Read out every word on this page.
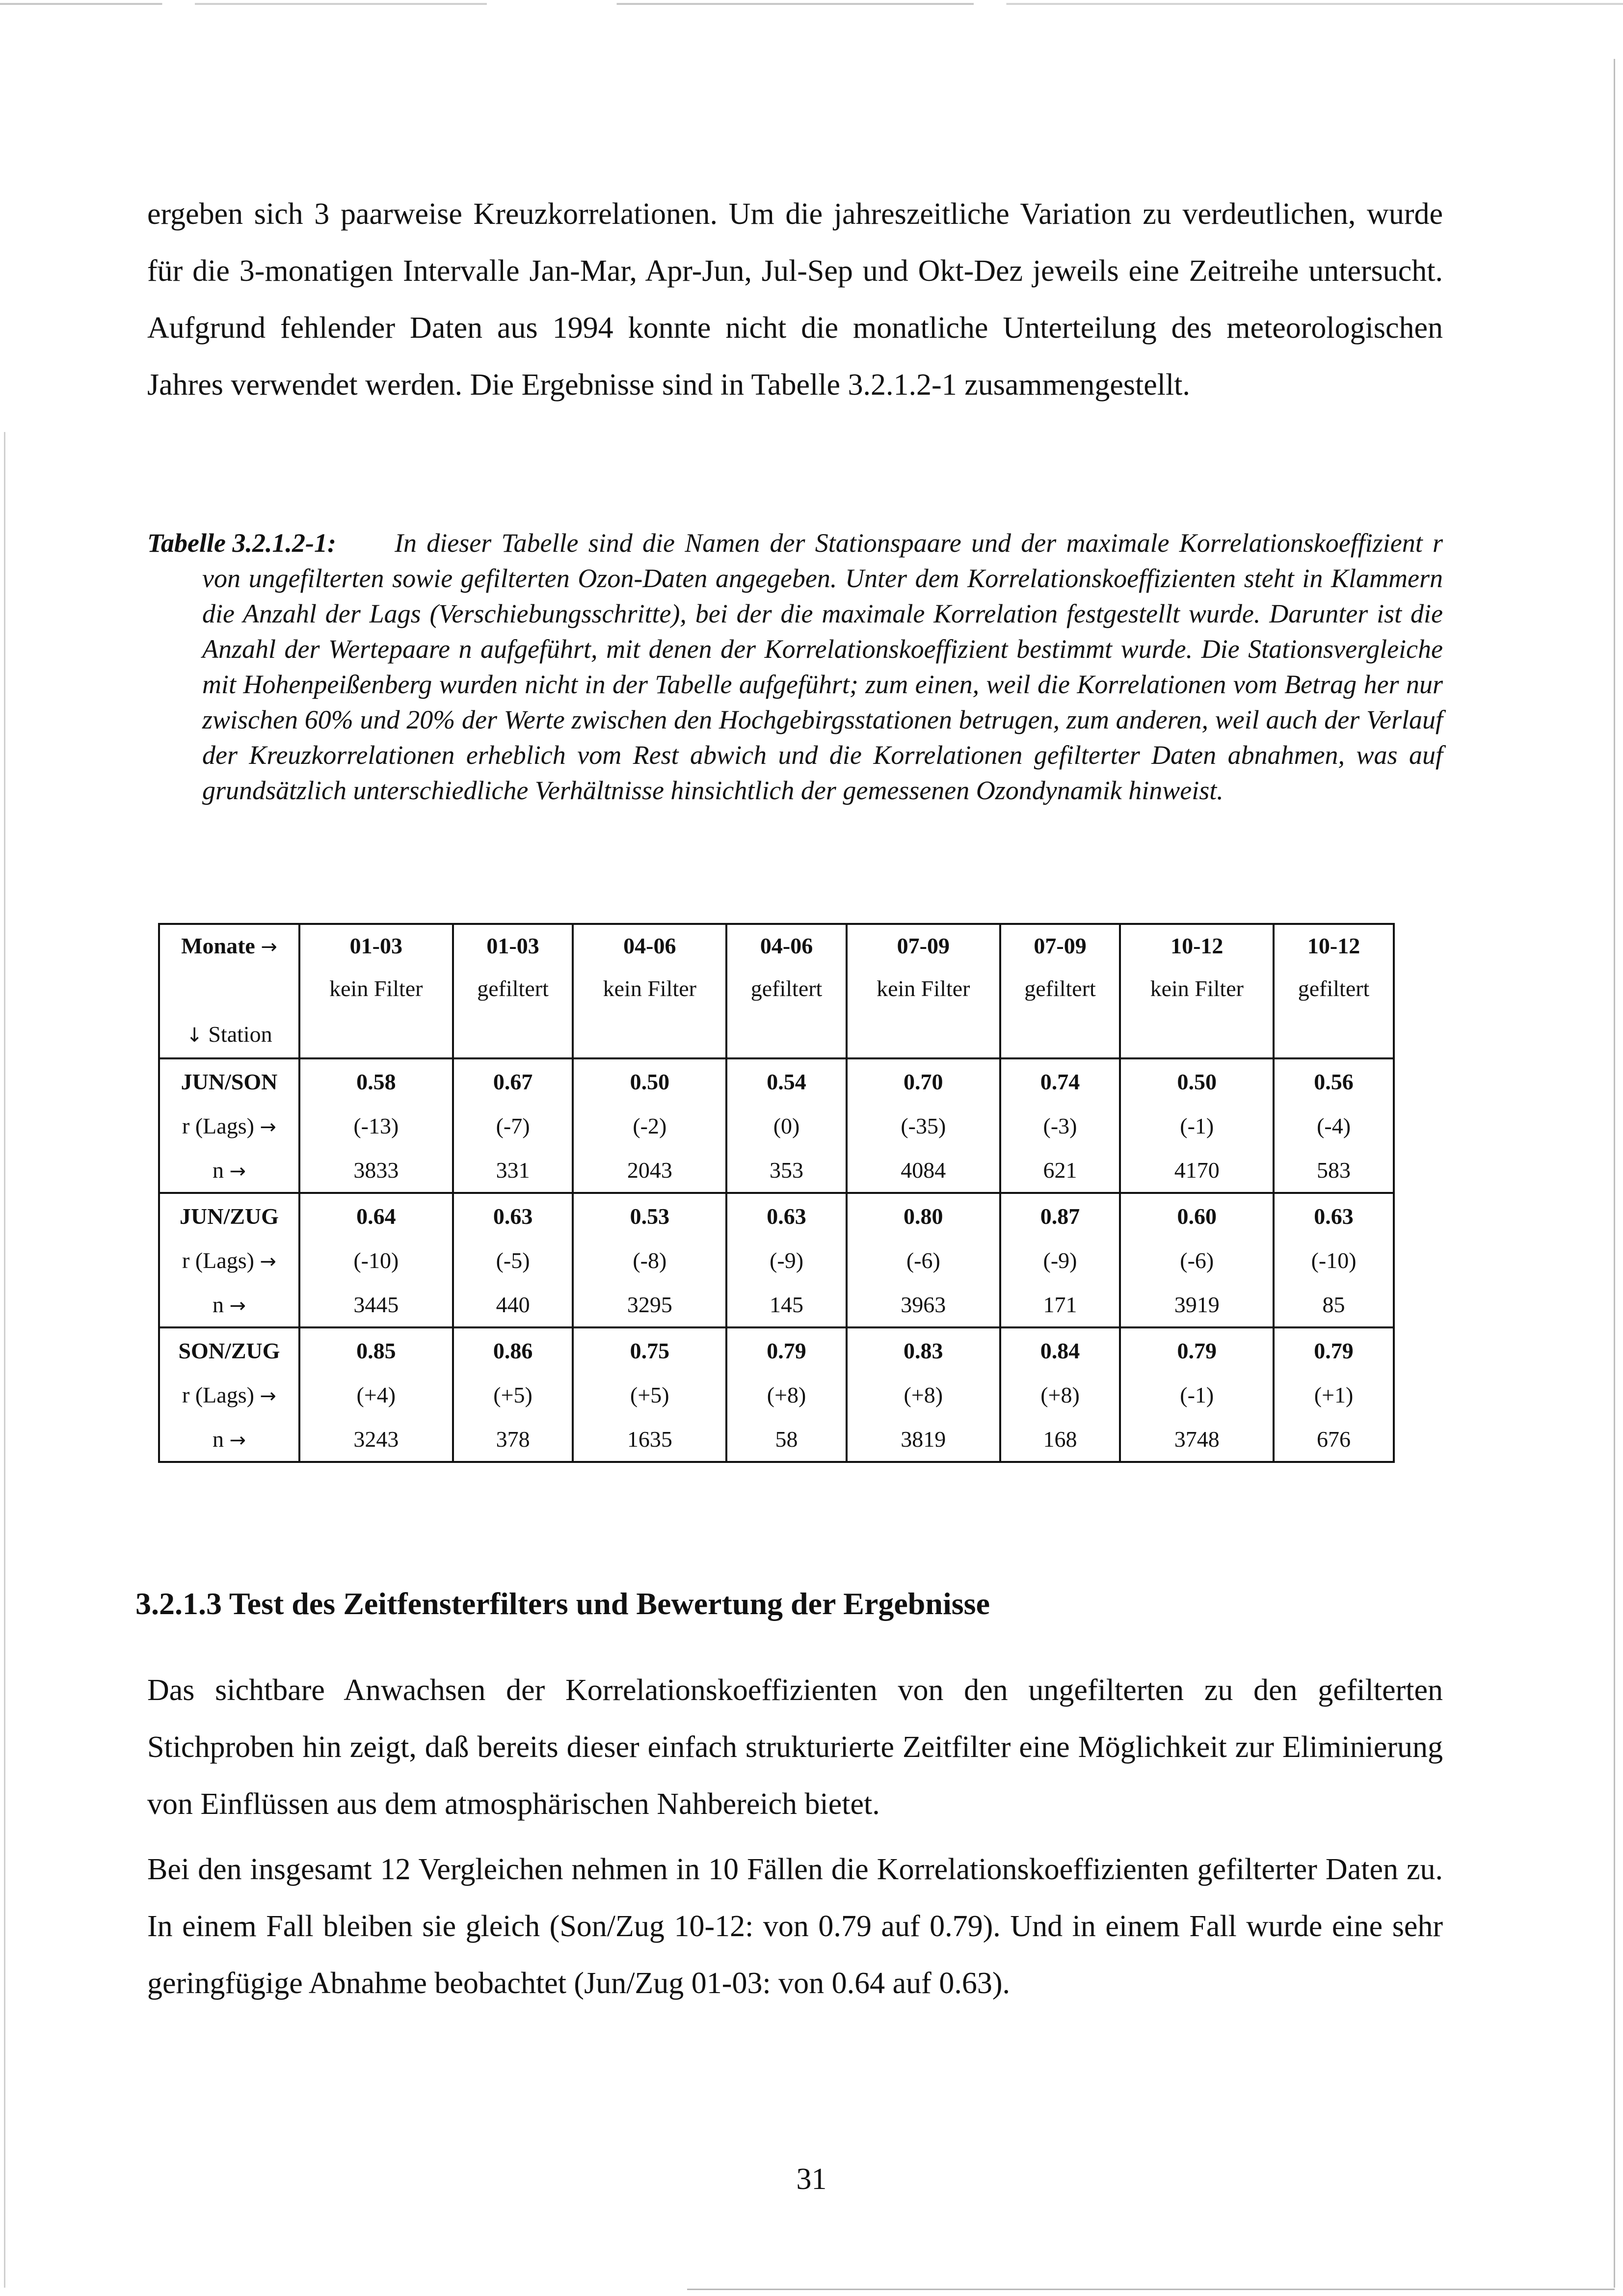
ergeben sich 3 paarweise Kreuzkorrelationen. Um die jahreszeitliche Variation zu verdeutlichen, wurde für die 3-monatigen Intervalle Jan-Mar, Apr-Jun, Jul-Sep und Okt-Dez jeweils eine Zeitreihe untersucht. Aufgrund fehlender Daten aus 1994 konnte nicht die monatliche Unterteilung des meteorologischen Jahres verwendet werden. Die Ergebnisse sind in Tabelle 3.2.1.2-1 zusammengestellt.

Tabelle 3.2.1.2-1:	In dieser Tabelle sind die Namen der Stationspaare und der maximale Korrelationskoeffizient r von ungefilterten sowie gefilterten Ozon-Daten angegeben. Unter dem Korrelationskoeffizienten steht in Klammern die Anzahl der Lags (Verschiebungsschritte), bei der die maximale Korrelation festgestellt wurde. Darunter ist die Anzahl der Wertepaare n aufgeführt, mit denen der Korrelationskoeffizient bestimmt wurde. Die Stationsvergleiche mit Hohenpeißenberg wurden nicht in der Tabelle aufgeführt; zum einen, weil die Korrelationen vom Betrag her nur zwischen 60% und 20% der Werte zwischen den Hochgebirgsstationen betrugen, zum anderen, weil auch der Verlauf der Kreuzkorrelationen erheblich vom Rest abwich und die Korrelationen gefilterter Daten abnahmen, was auf grundsätzlich unterschiedliche Verhältnisse hinsichtlich der gemessenen Ozondynamik hinweist.
Monate →	01-03	01-03	04-06	04-06	07-09	07-09	10-12	10-12
	kein Filter	gefiltert	kein Filter	gefiltert	kein Filter	gefiltert	kein Filter	gefiltert
↓ Station								
JUN/SON	0.58	0.67	0.50	0.54	0.70	0.74	0.50	0.56
r (Lags) →	(-13)	(-7)	(-2)	(0)	(-35)	(-3)	(-1)	(-4)
n →	3833	331	2043	353	4084	621	4170	583
JUN/ZUG	0.64	0.63	0.53	0.63	0.80	0.87	0.60	0.63
r (Lags) →	(-10)	(-5)	(-8)	(-9)	(-6)	(-9)	(-6)	(-10)
n →	3445	440	3295	145	3963	171	3919	85
SON/ZUG	0.85	0.86	0.75	0.79	0.83	0.84	0.79	0.79
r (Lags) →	(+4)	(+5)	(+5)	(+8)	(+8)	(+8)	(-1)	(+1)
n →	3243	378	1635	58	3819	168	3748	676
3.2.1.3 Test des Zeitfensterfilters und Bewertung der Ergebnisse

Das sichtbare Anwachsen der Korrelationskoeffizienten von den ungefilterten zu den gefilterten Stichproben hin zeigt, daß bereits dieser einfach strukturierte Zeitfilter eine Möglichkeit zur Eliminierung von Einflüssen aus dem atmosphärischen Nahbereich bietet.

Bei den insgesamt 12 Vergleichen nehmen in 10 Fällen die Korrelationskoeffizienten gefilterter Daten zu. In einem Fall bleiben sie gleich (Son/Zug 10-12: von 0.79 auf 0.79). Und in einem Fall wurde eine sehr geringfügige Abnahme beobachtet (Jun/Zug 01-03: von 0.64 auf 0.63).

31
